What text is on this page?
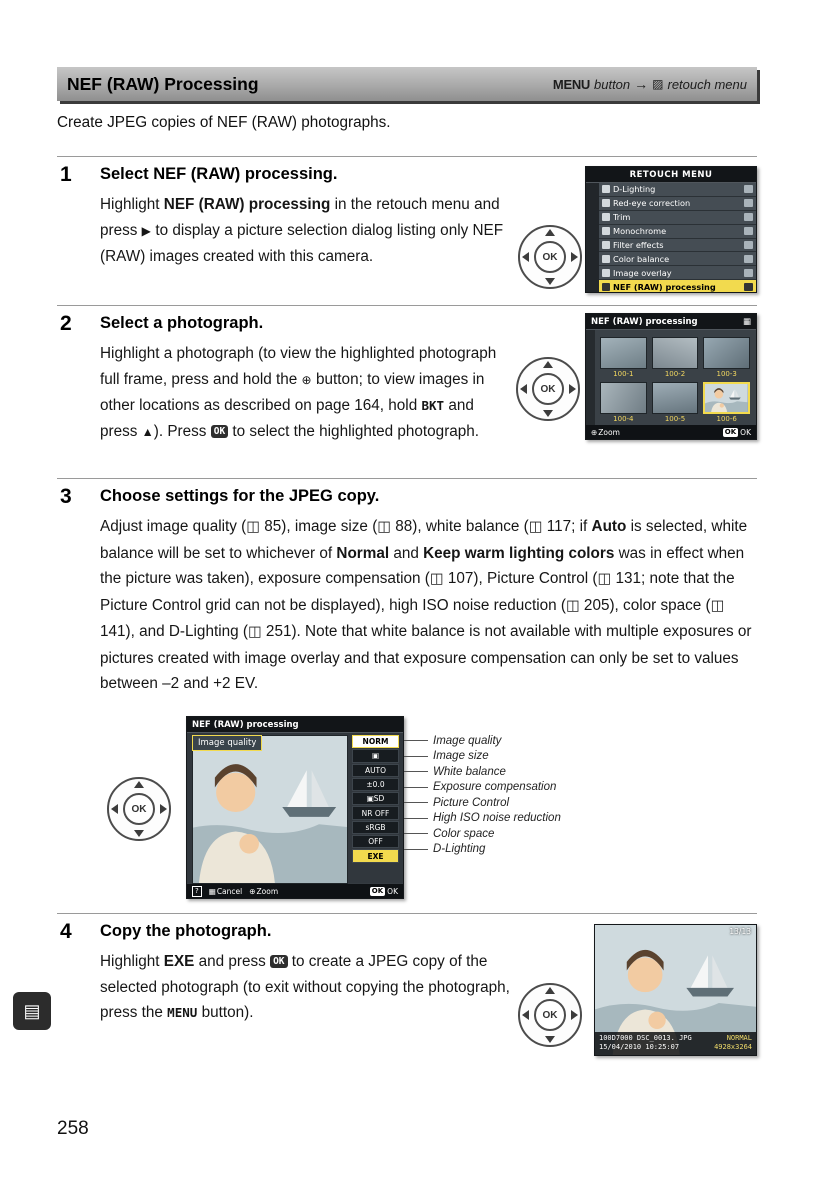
NEF (RAW) Processing	MENU button → ▨ retouch menu

Create JPEG copies of NEF (RAW) photographs.

1 Select NEF (RAW) processing.

Highlight NEF (RAW) processing in the retouch menu and press ▶ to display a picture selection dialog listing only NEF (RAW) images created with this camera.	OK
RETOUCH MENU
D-Lighting
Red-eye correction
Trim
Monochrome
Filter effects
Color balance
Image overlay
NEF (RAW) processing
2 Select a photograph.

Highlight a photograph (to view the highlighted photograph full frame, press and hold the ⊕ button; to view images in other locations as described on page 164, hold BKT and press ▲). Press OK to select the highlighted photograph.

OK
NEF (RAW) processing	▦
100-1	100-2	100-3
100-4	100-5	100-6
⊕ Zoom	OK OK
3 Choose settings for the JPEG copy.

Adjust image quality (◫ 85), image size (◫ 88), white balance (◫ 117; if Auto is selected, white balance will be set to whichever of Normal and Keep warm lighting colors was in effect when the picture was taken), exposure compensation (◫ 107), Picture Control (◫ 131; note that the Picture Control grid can not be displayed), high ISO noise reduction (◫ 205), color space (◫ 141), and D-Lighting (◫ 251). Note that white balance is not available with multiple exposures or pictures created with image overlay and that exposure compensation can only be set to values between –2 and +2 EV.

OK
NEF (RAW) processing
Image quality	NORM
▣
AUTO
±0.0
▣SD
NR OFF
sRGB
OFF
EXE
?	▦ Cancel ⊕ Zoom	OK OK
Image quality
Image size
White balance
Exposure compensation
Picture Control
High ISO noise reduction
Color space
D-Lighting
4 Copy the photograph.

Highlight EXE and press OK to create a JPEG copy of the selected photograph (to exit without copying the photograph, press the MENU button).	OK
13/13
100D7000 DSC_0013. JPG	NORMAL
15/04/2010 10:25:07	4928x3264
▤
258
